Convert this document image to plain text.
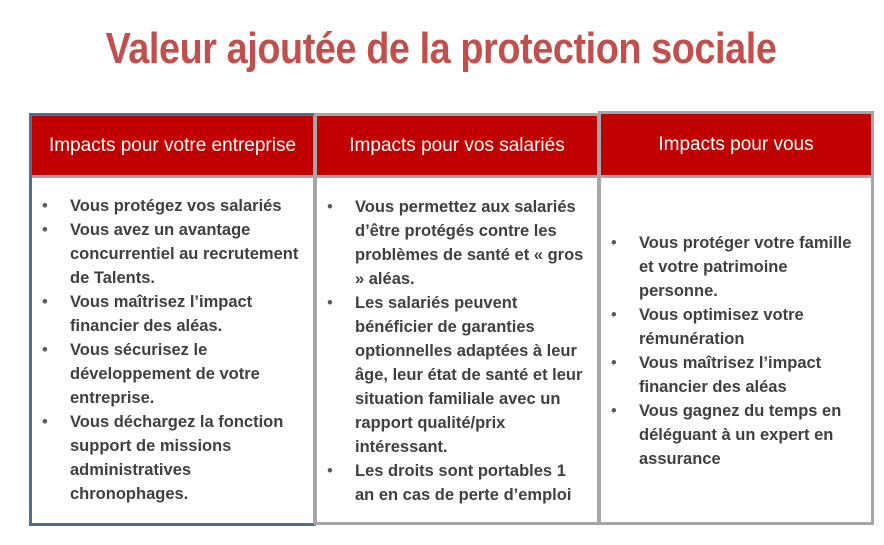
Valeur ajoutée de la protection sociale
Impacts pour votre entreprise
• Vous protégez vos salariés
• Vous avez un avantage concurrentiel au recrutement de Talents.
• Vous maîtrisez l’impact financier des aléas.
• Vous sécurisez le développement de votre entreprise.
• Vous déchargez la fonction support de missions administratives chronophages.
Impacts pour vos salariés
• Vous permettez aux salariés d’être protégés contre les problèmes de santé et « gros » aléas.
• Les salariés peuvent bénéficier de garanties optionnelles adaptées à leur âge, leur état de santé et leur situation familiale avec un rapport qualité/prix intéressant.
• Les droits sont portables 1 an en cas de perte d’emploi
Impacts pour vous
• Vous protéger votre famille et votre patrimoine personne.
• Vous optimisez votre rémunération
• Vous maîtrisez l’impact financier des aléas
• Vous gagnez du temps en déléguant à un expert en assurance
